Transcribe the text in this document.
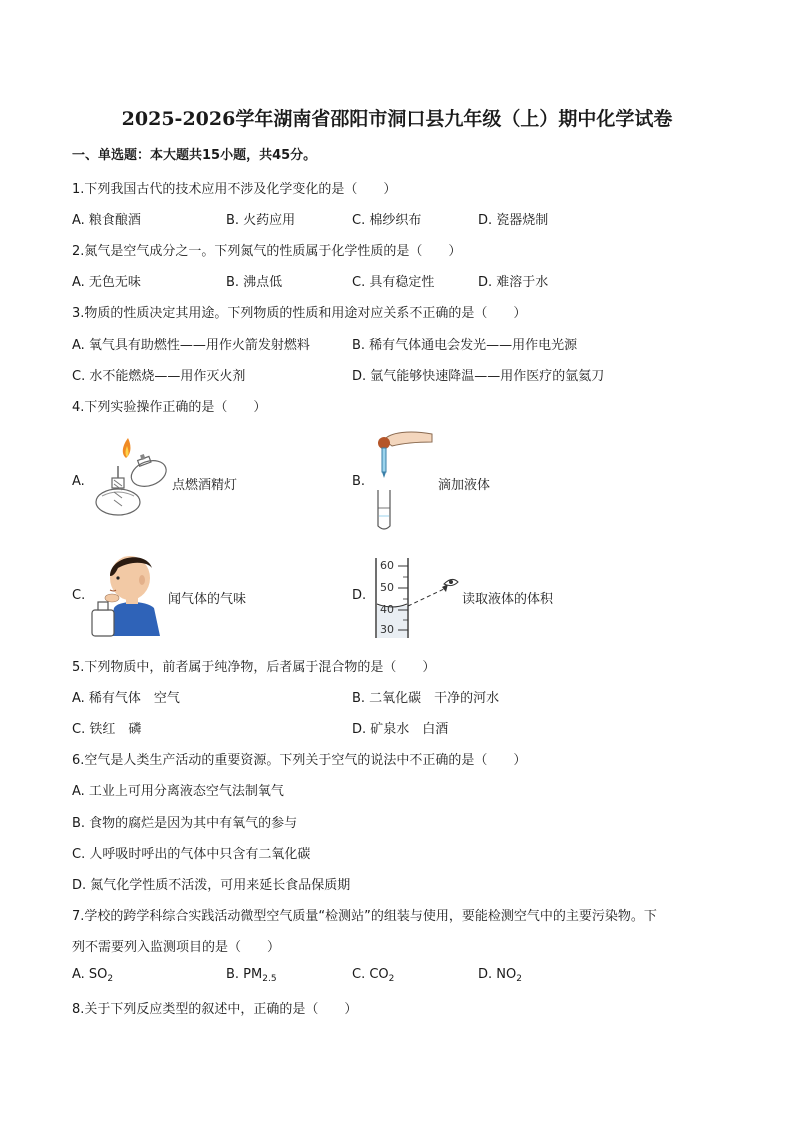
2025-2026学年湖南省邵阳市洞口县九年级（上）期中化学试卷
一、单选题：本大题共15小题，共45分。
1.下列我国古代的技术应用不涉及化学变化的是（　　）
A. 粮食酿酒	B. 火药应用	C. 棉纱织布	D. 瓷器烧制
2.氮气是空气成分之一。下列氮气的性质属于化学性质的是（　　）
A. 无色无味	B. 沸点低	C. 具有稳定性	D. 难溶于水
3.物质的性质决定其用途。下列物质的性质和用途对应关系不正确的是（　　）
A. 氧气具有助燃性——用作火箭发射燃料	B. 稀有气体通电会发光——用作电光源
C. 水不能燃烧——用作灭火剂	D. 氩气能够快速降温——用作医疗的氩氦刀
4.下列实验操作正确的是（　　）
A.	点燃酒精灯	B.	滴加液体
C.	闻气体的气味	D.
60
50
40
30
读取液体的体积
5.下列物质中，前者属于纯净物，后者属于混合物的是（　　）
A. 稀有气体　空气	B. 二氧化碳　干净的河水
C. 铁红　磷	D. 矿泉水　白酒
6.空气是人类生产活动的重要资源。下列关于空气的说法中不正确的是（　　）
A. 工业上可用分离液态空气法制氧气
B. 食物的腐烂是因为其中有氧气的参与
C. 人呼吸时呼出的气体中只含有二氧化碳
D. 氮气化学性质不活泼，可用来延长食品保质期
7.学校的跨学科综合实践活动微型空气质量“检测站”的组装与使用，要能检测空气中的主要污染物。下
列不需要列入监测项目的是（　　）
A. $SO_2$	B. $PM_{2.5}$	C. $CO_2$	D. $NO_2$
8.关于下列反应类型的叙述中，正确的是（　　）
